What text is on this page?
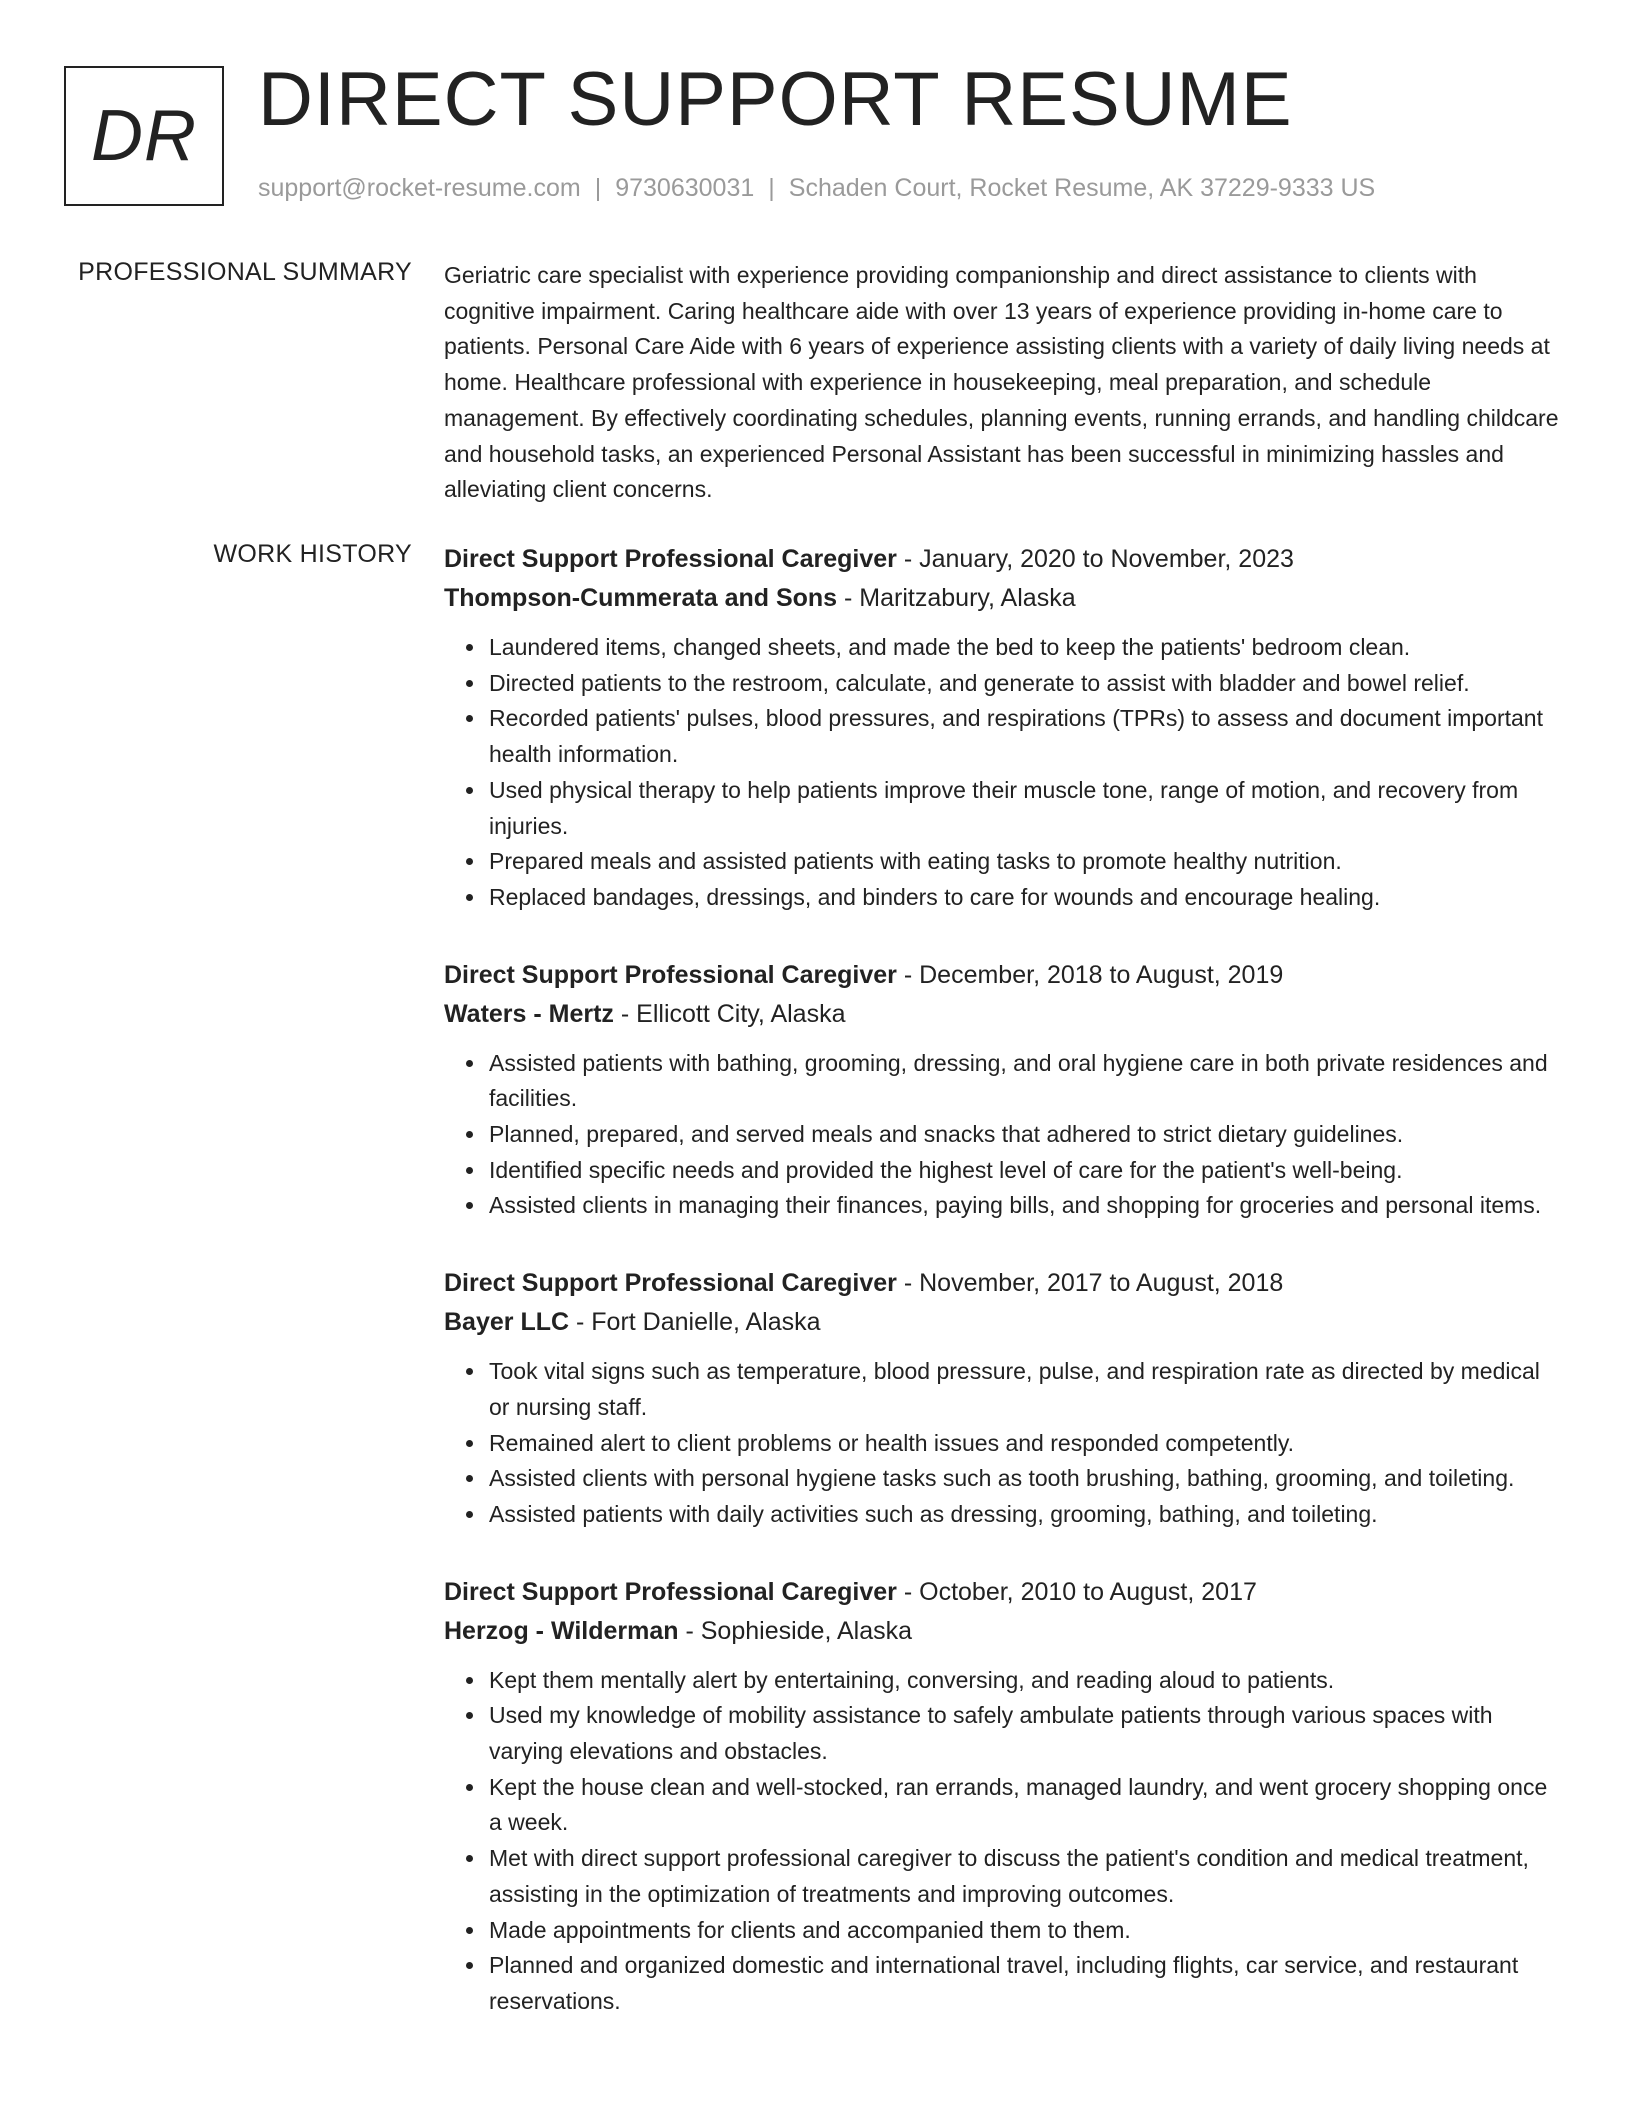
DR DIRECT SUPPORT RESUME
support@rocket-resume.com | 9730630031 | Schaden Court, Rocket Resume, AK 37229-9333 US
PROFESSIONAL SUMMARY Geriatric care specialist with experience providing companionship and direct assistance to clients with cognitive impairment. Caring healthcare aide with over 13 years of experience providing in-home care to patients. Personal Care Aide with 6 years of experience assisting clients with a variety of daily living needs at home. Healthcare professional with experience in housekeeping, meal preparation, and schedule management. By effectively coordinating schedules, planning events, running errands, and handling childcare and household tasks, an experienced Personal Assistant has been successful in minimizing hassles and alleviating client concerns.

WORK HISTORY Direct Support Professional Caregiver - January, 2020 to November, 2023
Thompson-Cummerata and Sons - Maritzabury, Alaska
• Laundered items, changed sheets, and made the bed to keep the patients' bedroom clean.
• Directed patients to the restroom, calculate, and generate to assist with bladder and bowel relief.
• Recorded patients' pulses, blood pressures, and respirations (TPRs) to assess and document important health information.
• Used physical therapy to help patients improve their muscle tone, range of motion, and recovery from injuries.
• Prepared meals and assisted patients with eating tasks to promote healthy nutrition.
• Replaced bandages, dressings, and binders to care for wounds and encourage healing.
Direct Support Professional Caregiver - December, 2018 to August, 2019
Waters - Mertz - Ellicott City, Alaska
• Assisted patients with bathing, grooming, dressing, and oral hygiene care in both private residences and facilities.
• Planned, prepared, and served meals and snacks that adhered to strict dietary guidelines.
• Identified specific needs and provided the highest level of care for the patient's well-being.
• Assisted clients in managing their finances, paying bills, and shopping for groceries and personal items.
Direct Support Professional Caregiver - November, 2017 to August, 2018
Bayer LLC - Fort Danielle, Alaska
• Took vital signs such as temperature, blood pressure, pulse, and respiration rate as directed by medical or nursing staff.
• Remained alert to client problems or health issues and responded competently.
• Assisted clients with personal hygiene tasks such as tooth brushing, bathing, grooming, and toileting.
• Assisted patients with daily activities such as dressing, grooming, bathing, and toileting.
Direct Support Professional Caregiver - October, 2010 to August, 2017
Herzog - Wilderman - Sophieside, Alaska
• Kept them mentally alert by entertaining, conversing, and reading aloud to patients.
• Used my knowledge of mobility assistance to safely ambulate patients through various spaces with varying elevations and obstacles.
• Kept the house clean and well-stocked, ran errands, managed laundry, and went grocery shopping once a week.
• Met with direct support professional caregiver to discuss the patient's condition and medical treatment, assisting in the optimization of treatments and improving outcomes.
• Made appointments for clients and accompanied them to them.
• Planned and organized domestic and international travel, including flights, car service, and restaurant reservations.
